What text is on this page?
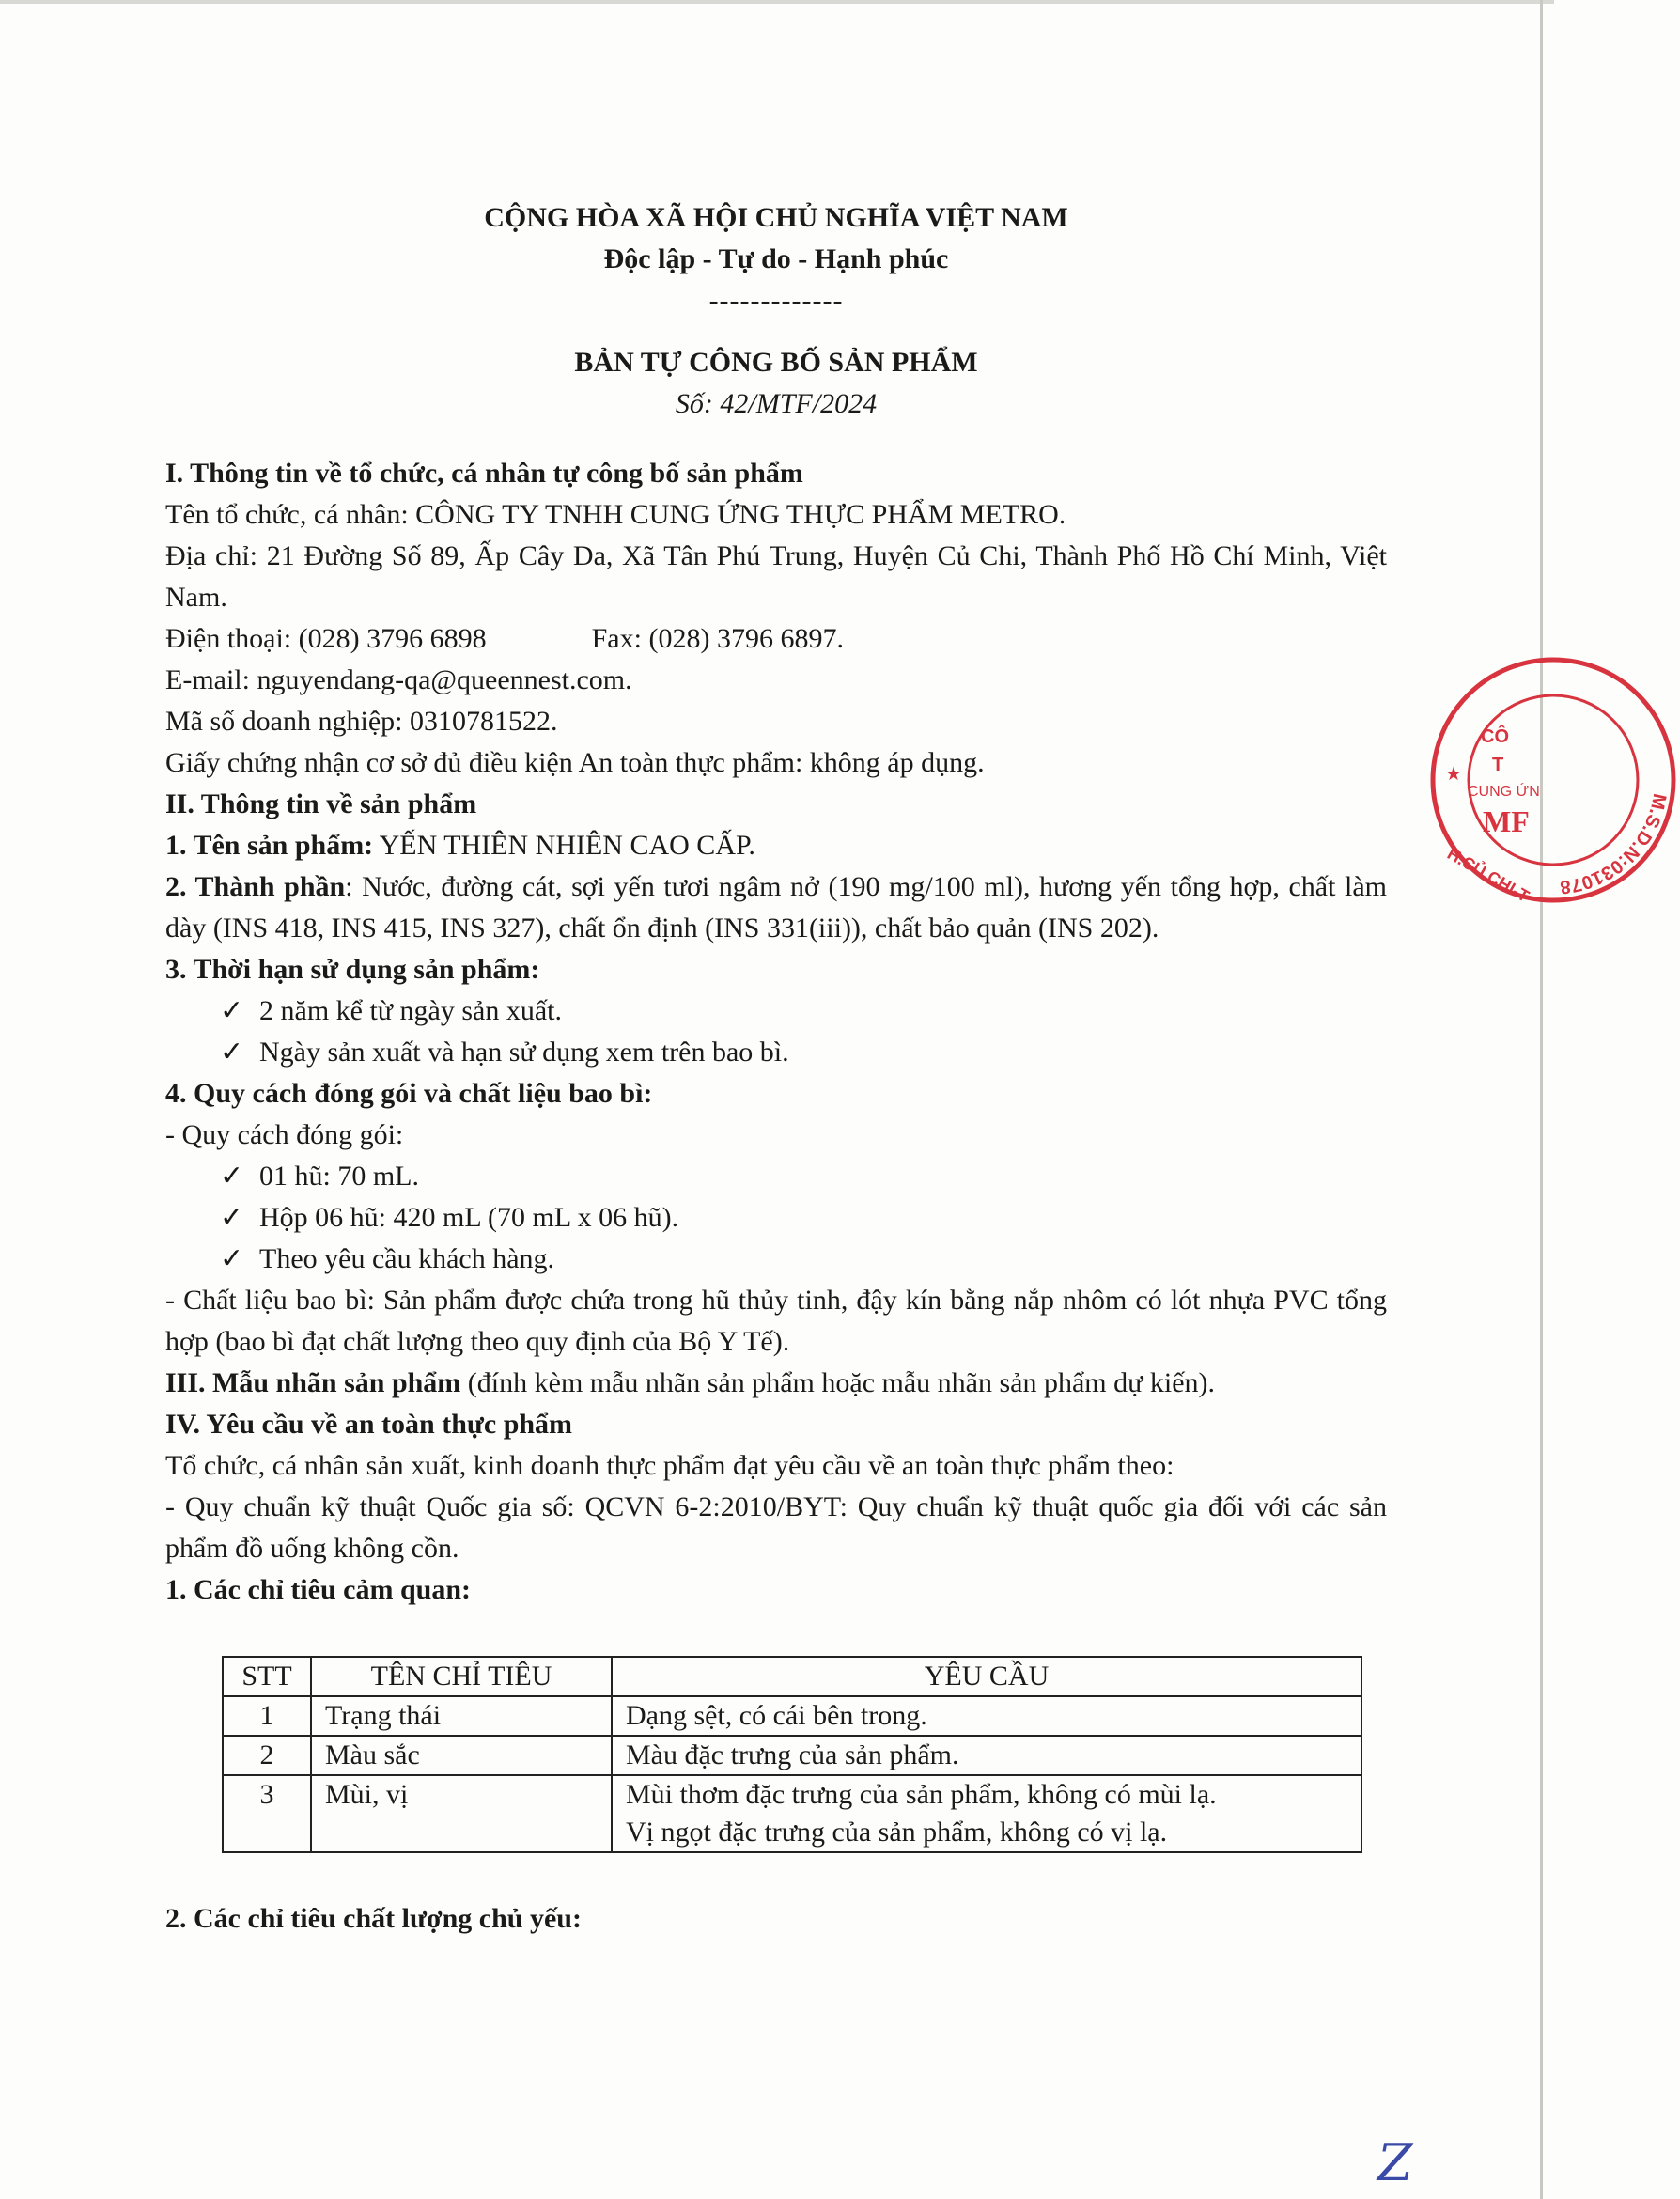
CỘNG HÒA XÃ HỘI CHỦ NGHĨA VIỆT NAM

Độc lập - Tự do - Hạnh phúc

-------------

BẢN TỰ CÔNG BỐ SẢN PHẨM
Số: 42/MTF/2024

I. Thông tin về tổ chức, cá nhân tự công bố sản phẩm

Tên tổ chức, cá nhân: CÔNG TY TNHH CUNG ỨNG THỰC PHẨM METRO.

Địa chỉ: 21 Đường Số 89, Ấp Cây Da, Xã Tân Phú Trung, Huyện Củ Chi, Thành Phố Hồ Chí Minh, Việt Nam.

Điện thoại: (028) 3796 6898	Fax: (028) 3796 6897.

E-mail: nguyendang-qa@queennest.com.

Mã số doanh nghiệp: 0310781522.

Giấy chứng nhận cơ sở đủ điều kiện An toàn thực phẩm: không áp dụng.

II. Thông tin về sản phẩm

1. Tên sản phẩm: YẾN THIÊN NHIÊN CAO CẤP.

2. Thành phần: Nước, đường cát, sợi yến tươi ngâm nở (190 mg/100 ml), hương yến tổng hợp, chất làm dày (INS 418, INS 415, INS 327), chất ổn định (INS 331(iii)), chất bảo quản (INS 202).

3. Thời hạn sử dụng sản phẩm:

✓ 2 năm kể từ ngày sản xuất.

✓ Ngày sản xuất và hạn sử dụng xem trên bao bì.

4. Quy cách đóng gói và chất liệu bao bì:

- Quy cách đóng gói:

✓ 01 hũ: 70 mL.

✓ Hộp 06 hũ: 420 mL (70 mL x 06 hũ).

✓ Theo yêu cầu khách hàng.

- Chất liệu bao bì: Sản phẩm được chứa trong hũ thủy tinh, đậy kín bằng nắp nhôm có lót nhựa PVC tổng hợp (bao bì đạt chất lượng theo quy định của Bộ Y Tế).

III. Mẫu nhãn sản phẩm (đính kèm mẫu nhãn sản phẩm hoặc mẫu nhãn sản phẩm dự kiến).

IV. Yêu cầu về an toàn thực phẩm

Tổ chức, cá nhân sản xuất, kinh doanh thực phẩm đạt yêu cầu về an toàn thực phẩm theo:

- Quy chuẩn kỹ thuật Quốc gia số: QCVN 6-2:2010/BYT: Quy chuẩn kỹ thuật quốc gia đối với các sản phẩm đồ uống không cồn.

1. Các chỉ tiêu cảm quan:

STT	TÊN CHỈ TIÊU	YÊU CẦU
1	Trạng thái	Dạng sệt, có cái bên trong.

2	Màu sắc	Màu đặc trưng của sản phẩm.

3	Mùi, vị	Mùi thơm đặc trưng của sản phẩm, không có mùi lạ.
Vị ngọt đặc trưng của sản phẩm, không có vị lạ.

2. Các chỉ tiêu chất lượng chủ yếu:

M.S.D.N:031078
CÔ
T
CUNG ỨN
MF
H.CỦ CHI-T
★
Z
